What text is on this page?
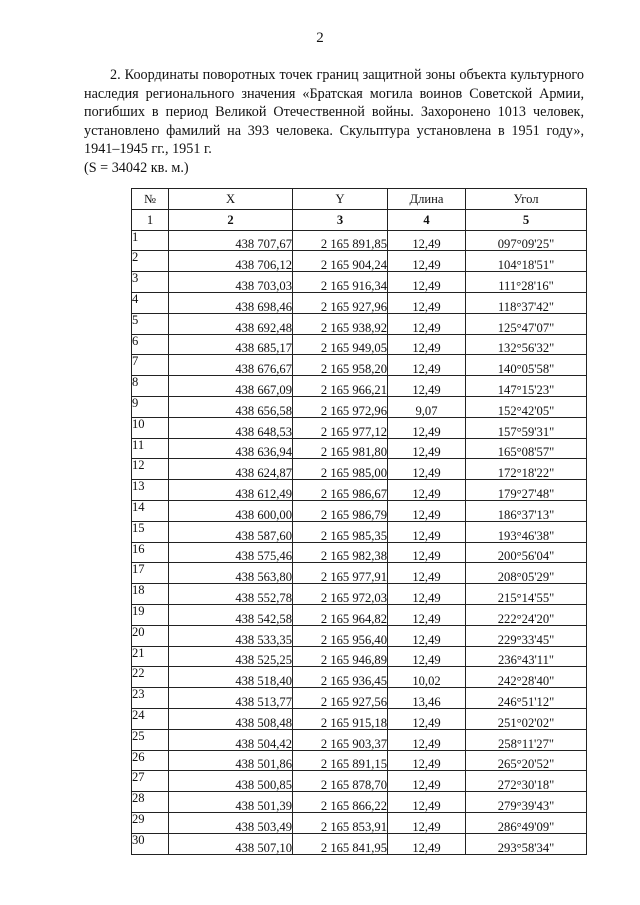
2

2. Координаты поворотных точек границ защитной зоны объекта культурного наследия регионального значения «Братская могила воинов Советской Армии, погибших в период Великой Отечественной войны. Захоронено 1013 человек, установлено фамилий на 393 человека. Скульптура установлена в 1951 году», 1941–1945 гг., 1951 г.
(S = 34042 кв. м.)

№	X	Y	Длина	Угол
1	2	3	4	5
1	438 707,67	2 165 891,85	12,49	097°09'25"
2	438 706,12	2 165 904,24	12,49	104°18'51"
3	438 703,03	2 165 916,34	12,49	111°28'16"
4	438 698,46	2 165 927,96	12,49	118°37'42"
5	438 692,48	2 165 938,92	12,49	125°47'07"
6	438 685,17	2 165 949,05	12,49	132°56'32"
7	438 676,67	2 165 958,20	12,49	140°05'58"
8	438 667,09	2 165 966,21	12,49	147°15'23"
9	438 656,58	2 165 972,96	9,07	152°42'05"
10	438 648,53	2 165 977,12	12,49	157°59'31"
11	438 636,94	2 165 981,80	12,49	165°08'57"
12	438 624,87	2 165 985,00	12,49	172°18'22"
13	438 612,49	2 165 986,67	12,49	179°27'48"
14	438 600,00	2 165 986,79	12,49	186°37'13"
15	438 587,60	2 165 985,35	12,49	193°46'38"
16	438 575,46	2 165 982,38	12,49	200°56'04"
17	438 563,80	2 165 977,91	12,49	208°05'29"
18	438 552,78	2 165 972,03	12,49	215°14'55"
19	438 542,58	2 165 964,82	12,49	222°24'20"
20	438 533,35	2 165 956,40	12,49	229°33'45"
21	438 525,25	2 165 946,89	12,49	236°43'11"
22	438 518,40	2 165 936,45	10,02	242°28'40"
23	438 513,77	2 165 927,56	13,46	246°51'12"
24	438 508,48	2 165 915,18	12,49	251°02'02"
25	438 504,42	2 165 903,37	12,49	258°11'27"
26	438 501,86	2 165 891,15	12,49	265°20'52"
27	438 500,85	2 165 878,70	12,49	272°30'18"
28	438 501,39	2 165 866,22	12,49	279°39'43"
29	438 503,49	2 165 853,91	12,49	286°49'09"
30	438 507,10	2 165 841,95	12,49	293°58'34"
